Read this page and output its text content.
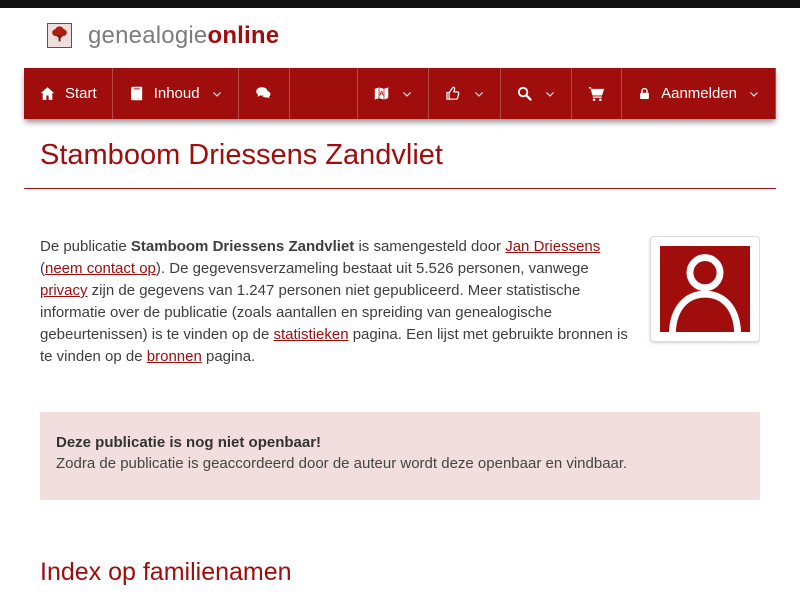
genealogieonline
Start	Inhoud	A	Aanmelden
Stamboom Driessens Zandvliet

De publicatie Stamboom Driessens Zandvliet is samengesteld door Jan Driessens (neem contact op). De gegevensverzameling bestaat uit 5.526 personen, vanwege privacy zijn de gegevens van 1.247 personen niet gepubliceerd. Meer statistische informatie over de publicatie (zoals aantallen en spreiding van genealogische gebeurtenissen) is te vinden op de statistieken pagina. Een lijst met gebruikte bronnen is te vinden op de bronnen pagina.

Deze publicatie is nog niet openbaar!
Zodra de publicatie is geaccordeerd door de auteur wordt deze openbaar en vindbaar.
Index op familienamen
